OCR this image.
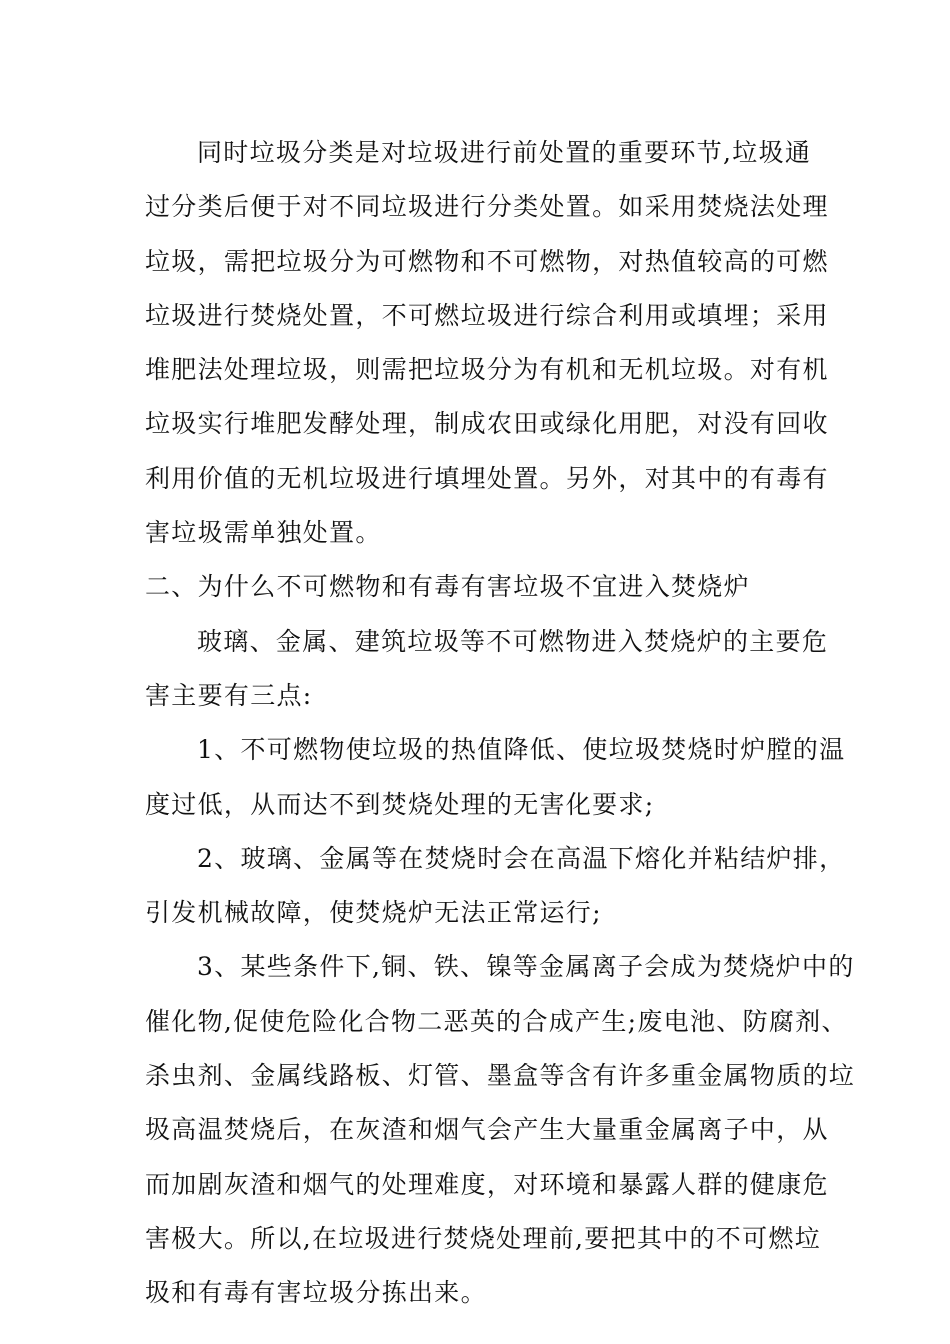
同时垃圾分类是对垃圾进行前处置的重要环节,垃圾通
过分类后便于对不同垃圾进行分类处置。如采用焚烧法处理
垃圾，需把垃圾分为可燃物和不可燃物，对热值较高的可燃
垃圾进行焚烧处置，不可燃垃圾进行综合利用或填埋；采用
堆肥法处理垃圾，则需把垃圾分为有机和无机垃圾。对有机
垃圾实行堆肥发酵处理，制成农田或绿化用肥，对没有回收
利用价值的无机垃圾进行填埋处置。另外，对其中的有毒有
害垃圾需单独处置。
二、为什么不可燃物和有毒有害垃圾不宜进入焚烧炉
玻璃、金属、建筑垃圾等不可燃物进入焚烧炉的主要危
害主要有三点:
1、不可燃物使垃圾的热值降低、使垃圾焚烧时炉膛的温
度过低，从而达不到焚烧处理的无害化要求;
2、玻璃、金属等在焚烧时会在高温下熔化并粘结炉排，
引发机械故障，使焚烧炉无法正常运行;
3、某些条件下,铜、铁、镍等金属离子会成为焚烧炉中的
催化物,促使危险化合物二恶英的合成产生;废电池、防腐剂、
杀虫剂、金属线路板、灯管、墨盒等含有许多重金属物质的垃
圾高温焚烧后，在灰渣和烟气会产生大量重金属离子中，从
而加剧灰渣和烟气的处理难度，对环境和暴露人群的健康危
害极大。所以,在垃圾进行焚烧处理前,要把其中的不可燃垃
圾和有毒有害垃圾分拣出来。
